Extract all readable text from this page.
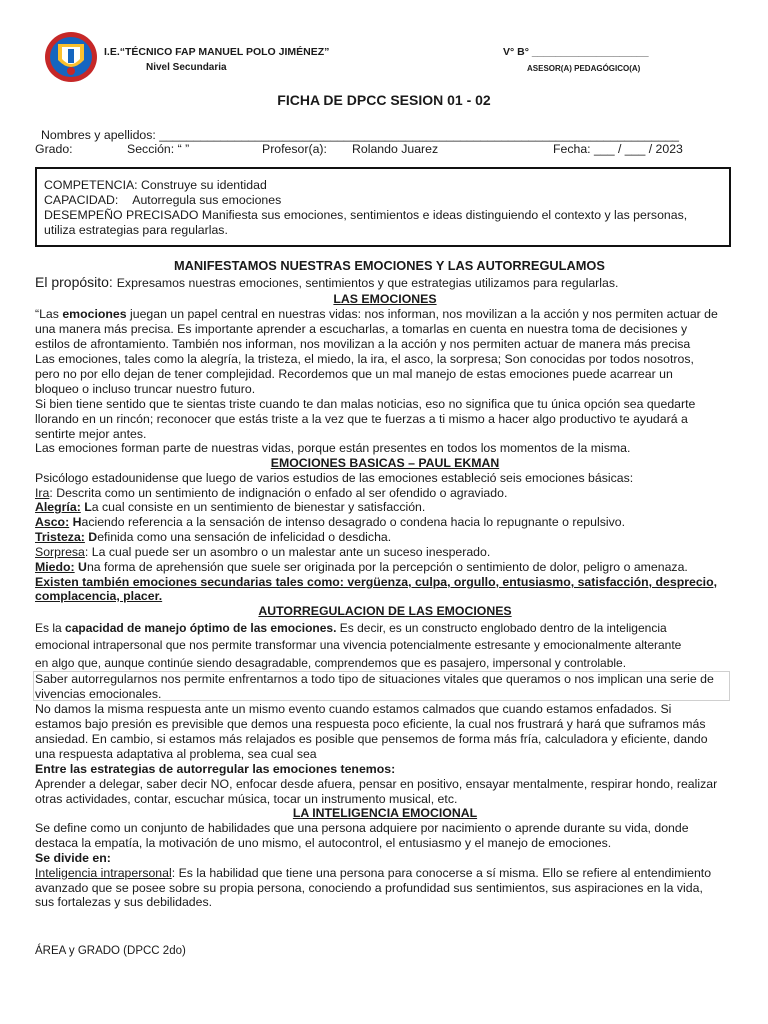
I.E.“TÉCNICO FAP MANUEL POLO JIMÉNEZ”
Nivel Secundaria
V° B° ____________________
ASESOR(A) PEDAGÓGICO(A)
FICHA DE DPCC SESION 01 - 02
Nombres y apellidos: ____________________________________________________________________________
Grado:	Sección: “ ”	Profesor(a): Rolando Juarez	Fecha: ___ / ___ / 2023
COMPETENCIA: Construye su identidad
CAPACIDAD: Autorregula sus emociones
DESEMPEÑO PRECISADO Manifiesta sus emociones, sentimientos e ideas distinguiendo el contexto y las personas,
utiliza estrategias para regularlas.
MANIFESTAMOS NUESTRAS EMOCIONES Y LAS AUTORREGULAMOS
El propósito: Expresamos nuestras emociones, sentimientos y que estrategias utilizamos para regularlas.
LAS EMOCIONES
“Las emociones juegan un papel central en nuestras vidas: nos informan, nos movilizan a la acción y nos permiten actuar de
una manera más precisa. Es importante aprender a escucharlas, a tomarlas en cuenta en nuestra toma de decisiones y
estilos de afrontamiento. También nos informan, nos movilizan a la acción y nos permiten actuar de manera más precisa
Las emociones, tales como la alegría, la tristeza, el miedo, la ira, el asco, la sorpresa; Son conocidas por todos nosotros,
pero no por ello dejan de tener complejidad. Recordemos que un mal manejo de estas emociones puede acarrear un
bloqueo o incluso truncar nuestro futuro.
Si bien tiene sentido que te sientas triste cuando te dan malas noticias, eso no significa que tu única opción sea quedarte
llorando en un rincón; reconocer que estás triste a la vez que te fuerzas a ti mismo a hacer algo productivo te ayudará a
sentirte mejor antes.
Las emociones forman parte de nuestras vidas, porque están presentes en todos los momentos de la misma.
EMOCIONES BASICAS – PAUL EKMAN
Psicólogo estadounidense que luego de varios estudios de las emociones estableció seis emociones básicas:
Ira: Descrita como un sentimiento de indignación o enfado al ser ofendido o agraviado.
Alegría: La cual consiste en un sentimiento de bienestar y satisfacción.
Asco: Haciendo referencia a la sensación de intenso desagrado o condena hacia lo repugnante o repulsivo.
Tristeza: Definida como una sensación de infelicidad o desdicha.
Sorpresa: La cual puede ser un asombro o un malestar ante un suceso inesperado.
Miedo: Una forma de aprehensión que suele ser originada por la percepción o sentimiento de dolor, peligro o amenaza.
Existen también emociones secundarias tales como: vergüenza, culpa, orgullo, entusiasmo, satisfacción, desprecio,
complacencia, placer.
AUTORREGULACION DE LAS EMOCIONES
Es la capacidad de manejo óptimo de las emociones. Es decir, es un constructo englobado dentro de la inteligencia
emocional intrapersonal que nos permite transformar una vivencia potencialmente estresante y emocionalmente alterante
en algo que, aunque continúe siendo desagradable, comprendemos que es pasajero, impersonal y controlable.
Saber autorregularnos nos permite enfrentarnos a todo tipo de situaciones vitales que queramos o nos implican una serie de
vivencias emocionales.
No damos la misma respuesta ante un mismo evento cuando estamos calmados que cuando estamos enfadados. Si
estamos bajo presión es previsible que demos una respuesta poco eficiente, la cual nos frustrará y hará que suframos más
ansiedad. En cambio, si estamos más relajados es posible que pensemos de forma más fría, calculadora y eficiente, dando
una respuesta adaptativa al problema, sea cual sea
Entre las estrategias de autorregular las emociones tenemos:
Aprender a delegar, saber decir NO, enfocar desde afuera, pensar en positivo, ensayar mentalmente, respirar hondo, realizar
otras actividades, contar, escuchar música, tocar un instrumento musical, etc.
LA INTELIGENCIA EMOCIONAL
Se define como un conjunto de habilidades que una persona adquiere por nacimiento o aprende durante su vida, donde
destaca la empatía, la motivación de uno mismo, el autocontrol, el entusiasmo y el manejo de emociones.
Se divide en:
Inteligencia intrapersonal: Es la habilidad que tiene una persona para conocerse a sí misma. Ello se refiere al entendimiento
avanzado que se posee sobre su propia persona, conociendo a profundidad sus sentimientos, sus aspiraciones en la vida,
sus fortalezas y sus debilidades.
ÁREA y GRADO (DPCC 2do)
